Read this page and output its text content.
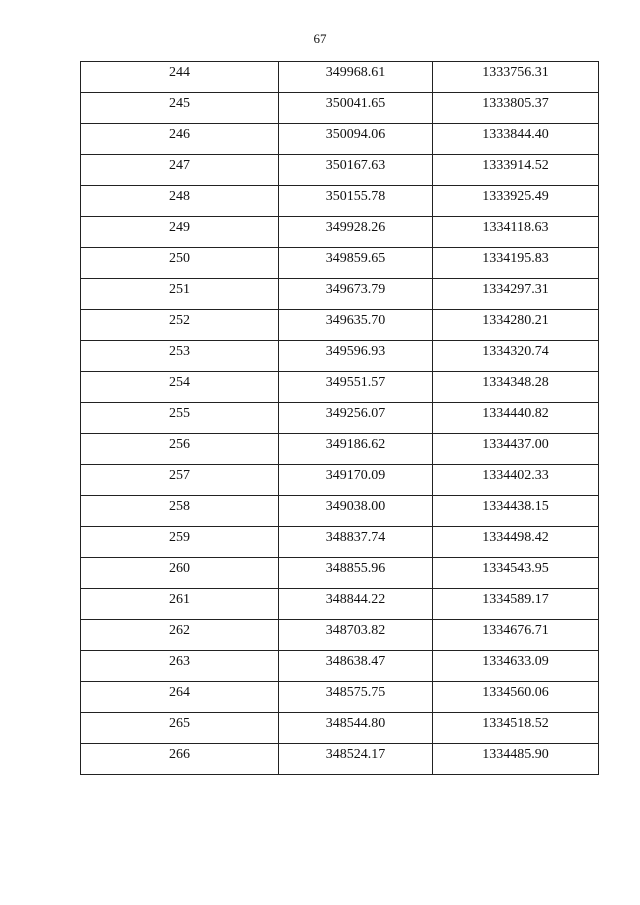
67
244	349968.61	1333756.31
245	350041.65	1333805.37
246	350094.06	1333844.40
247	350167.63	1333914.52
248	350155.78	1333925.49
249	349928.26	1334118.63
250	349859.65	1334195.83
251	349673.79	1334297.31
252	349635.70	1334280.21
253	349596.93	1334320.74
254	349551.57	1334348.28
255	349256.07	1334440.82
256	349186.62	1334437.00
257	349170.09	1334402.33
258	349038.00	1334438.15
259	348837.74	1334498.42
260	348855.96	1334543.95
261	348844.22	1334589.17
262	348703.82	1334676.71
263	348638.47	1334633.09
264	348575.75	1334560.06
265	348544.80	1334518.52
266	348524.17	1334485.90
